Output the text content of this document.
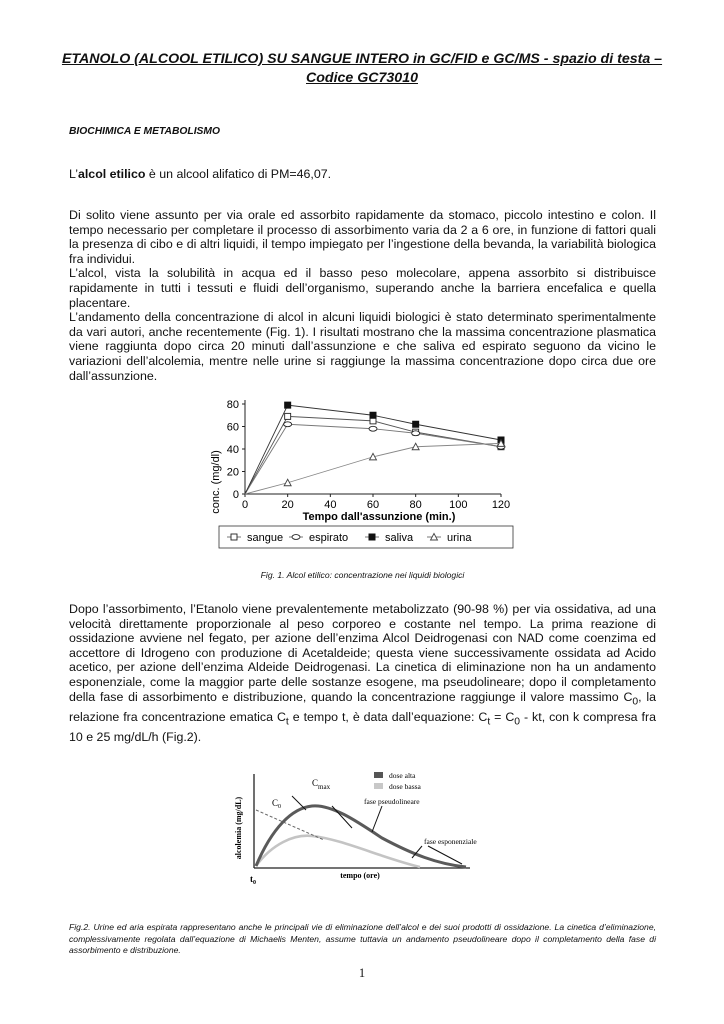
ETANOLO (ALCOOL ETILICO) SU SANGUE INTERO in GC/FID e GC/MS - spazio di testa – Codice GC73010
BIOCHIMICA E METABOLISMO
L’alcol etilico è un alcool alifatico di PM=46,07.

Di solito viene assunto per via orale ed assorbito rapidamente da stomaco, piccolo intestino e colon. Il tempo necessario per completare il processo di assorbimento varia da 2 a 6 ore, in funzione di fattori quali la presenza di cibo e di altri liquidi, il tempo impiegato per l’ingestione della bevanda, la variabilità biologica fra individui.

L’alcol, vista la solubilità in acqua ed il basso peso molecolare, appena assorbito si distribuisce rapidamente in tutti i tessuti e fluidi dell’organismo, superando anche la barriera encefalica e quella placentare.

L’andamento della concentrazione di alcol in alcuni liquidi biologici è stato determinato sperimentalmente da vari autori, anche recentemente (Fig. 1). I risultati mostrano che la massima concentrazione plasmatica viene raggiunta dopo circa 20 minuti dall’assunzione e che saliva ed espirato seguono da vicino le variazioni dell’alcolemia, mentre nelle urine si raggiunge la massima concentrazione dopo circa due ore dall’assunzione.

0	20	40	60	80 100 120
0
20
40
60
80
conc. (mg/dl)
Tempo dall'assunzione (min.)
sangue espirato	saliva	urina
Fig. 1. Alcol etilico: concentrazione nei liquidi biologici
Dopo l’assorbimento, l’Etanolo viene prevalentemente metabolizzato (90-98 %) per via ossidativa, ad una velocità direttamente proporzionale al peso corporeo e costante nel tempo. La prima reazione di ossidazione avviene nel fegato, per azione dell’enzima Alcol Deidrogenasi con NAD come coenzima ed accettore di Idrogeno con produzione di Acetaldeide; questa viene successivamente ossidata ad Acido acetico, per azione dell’enzima Aldeide Deidrogenasi. La cinetica di eliminazione non ha un andamento esponenziale, come la maggior parte delle sostanze esogene, ma pseudolineare; dopo il completamento della fase di assorbimento e distribuzione, quando la concentrazione raggiunge il valore massimo $C_0$, la relazione fra concentrazione ematica $C_t$ e tempo t, è data dall’equazione: $C_t = C_0$ - kt, con k compresa fra 10 e 25 mg/dL/h (Fig.2).
alcolemia (mg/dL)
tempo (ore)
$t_0$
$C_0$
$C_{max}$
dose alta
dose bassa
fase pseudolineare
fase esponenziale
Fig.2. Urine ed aria espirata rappresentano anche le principali vie di eliminazione dell’alcol e dei suoi prodotti di ossidazione. La cinetica d’eliminazione, complessivamente regolata dall’equazione di Michaelis Menten, assume tuttavia un andamento pseudolineare dopo il completamento della fase di assorbimento e distribuzione.
1
